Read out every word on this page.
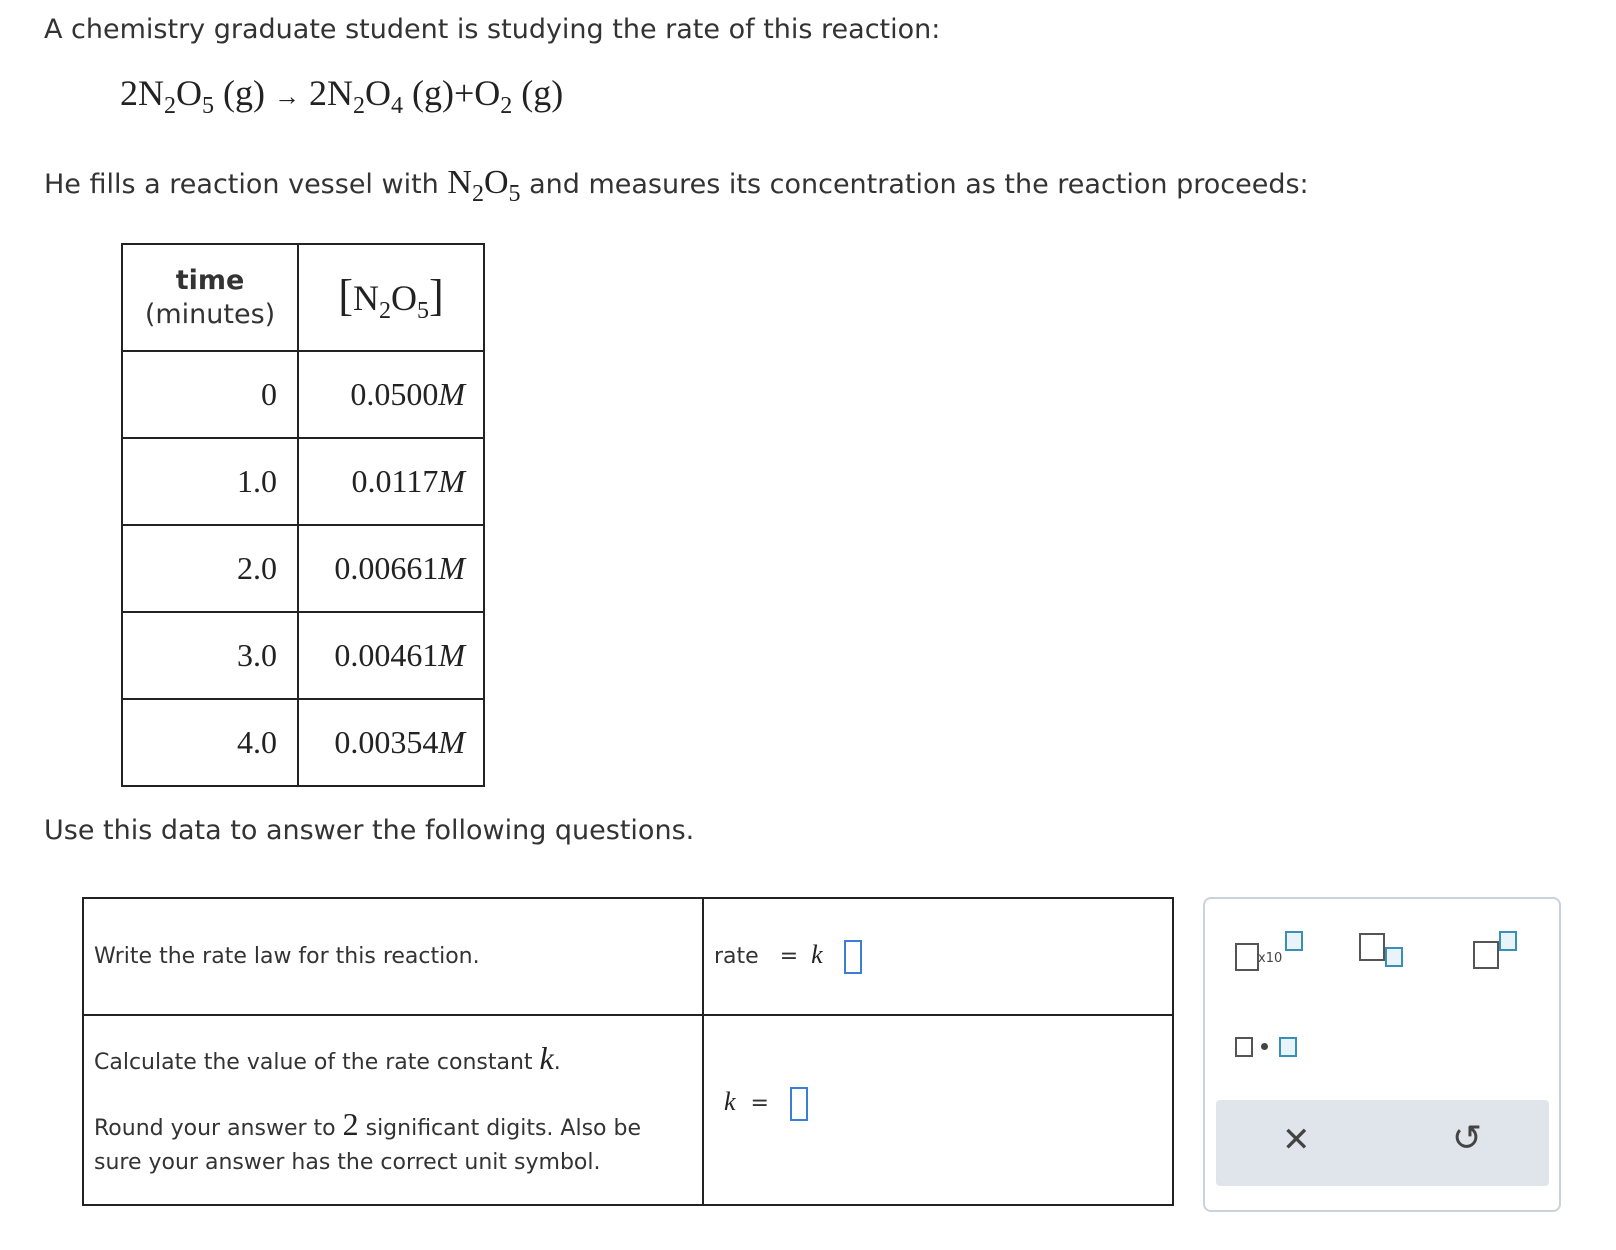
A chemistry graduate student is studying the rate of this reaction:
$2N_2O_5$ $(g) \to 2N_2O_4$ $(g)+O_2$ (g)
He fills a reaction vessel with $N_2O_5$ and measures its concentration as the reaction proceeds:
time
(minutes)	$[N_2O_5]$
0	0.0500M
1.0	0.0117M
2.0	0.00661M
3.0	0.00461M
4.0	0.00354M
Use this data to answer the following questions.
Write the rate law for this reaction.	rate = k

Calculate the value of the rate constant k.
Round your answer to 2 significant digits. Also be sure your answer has the correct unit symbol.	k =
x10
✕	↺
